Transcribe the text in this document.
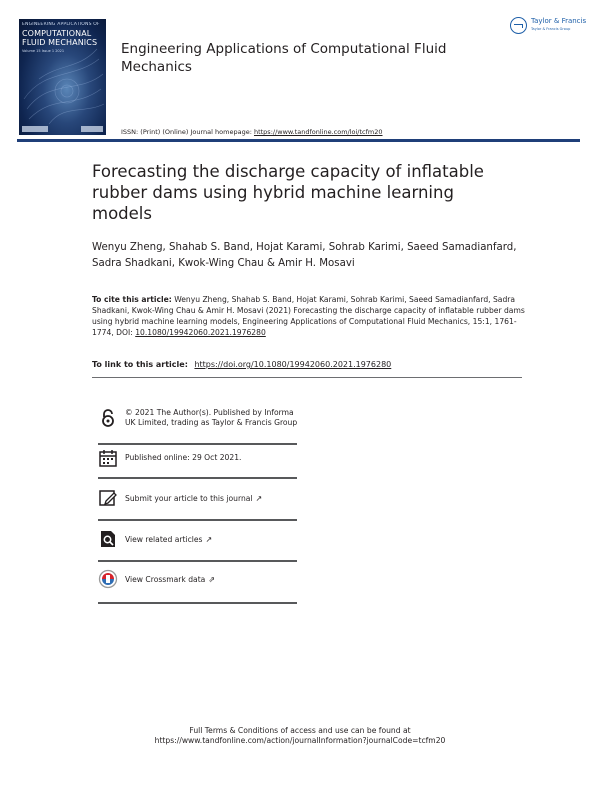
ENGINEERING APPLICATIONS OF
COMPUTATIONAL FLUID MECHANICS
Volume 15 Issue 1 2021	Engineering Applications of Computational Fluid Mechanics
Taylor & Francis
Taylor & Francis Group
ISSN: (Print) (Online) Journal homepage: https://www.tandfonline.com/loi/tcfm20
Forecasting the discharge capacity of inflatable rubber dams using hybrid machine learning models
Wenyu Zheng, Shahab S. Band, Hojat Karami, Sohrab Karimi, Saeed Samadianfard, Sadra Shadkani, Kwok-Wing Chau & Amir H. Mosavi
To cite this article: Wenyu Zheng, Shahab S. Band, Hojat Karami, Sohrab Karimi, Saeed Samadianfard, Sadra Shadkani, Kwok-Wing Chau & Amir H. Mosavi (2021) Forecasting the discharge capacity of inflatable rubber dams using hybrid machine learning models, Engineering Applications of Computational Fluid Mechanics, 15:1, 1761-1774, DOI: 10.1080/19942060.2021.1976280
To link to this article: https://doi.org/10.1080/19942060.2021.1976280
© 2021 The Author(s). Published by Informa UK Limited, trading as Taylor & Francis Group
Published online: 29 Oct 2021.
Submit your article to this journal ↗
View related articles ↗
View Crossmark data ⇗
Full Terms & Conditions of access and use can be found at
https://www.tandfonline.com/action/journalInformation?journalCode=tcfm20
